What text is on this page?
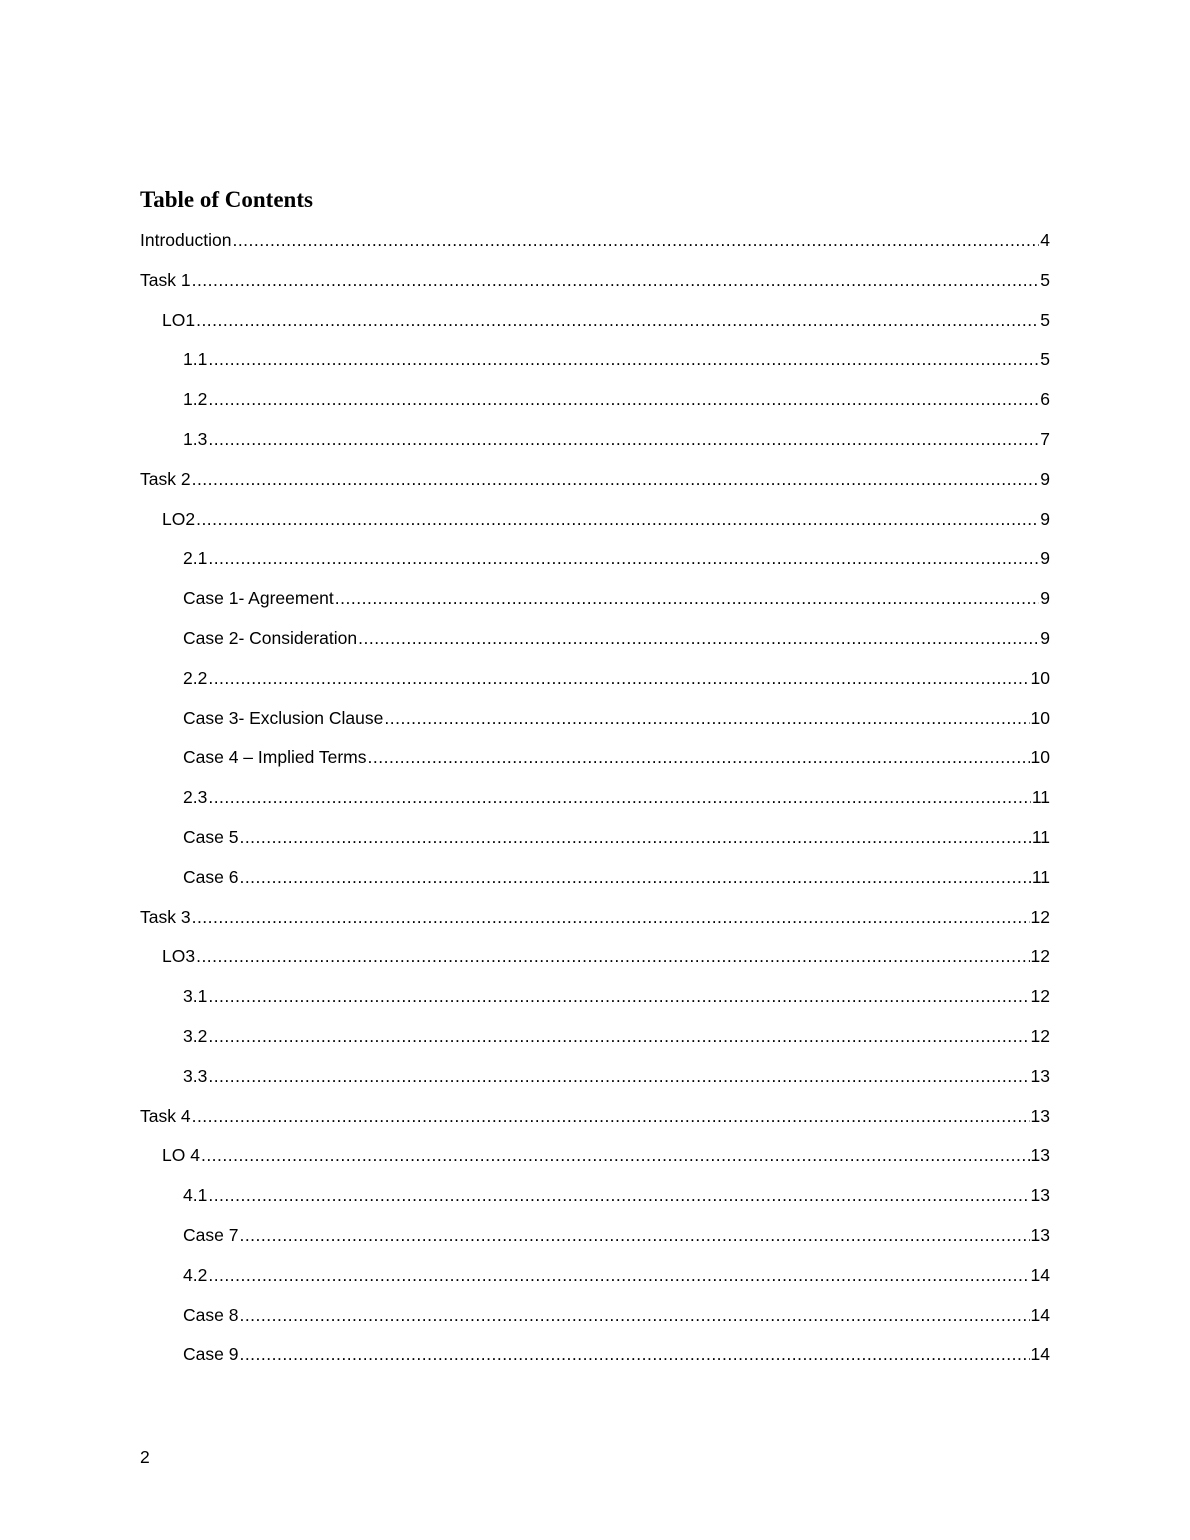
Table of Contents
Introduction .....	4
Task 1 .....	5
LO1 .....	5
1.1 .....	5
1.2 .....	6
1.3 .....	7
Task 2 .....	9
LO2 .....	9
2.1 .....	9
Case 1- Agreement .....	9
Case 2- Consideration .....	9
2.2 .....	10
Case 3- Exclusion Clause .....	10
Case 4 – Implied Terms .....	10
2.3 .....	11
Case 5 .....	11
Case 6 .....	11
Task 3 .....	12
LO3 .....	12
3.1 .....	12
3.2 .....	12
3.3 .....	13
Task 4 .....	13
LO 4 .....	13
4.1 .....	13
Case 7 .....	13
4.2 .....	14
Case 8 .....	14
Case 9 .....	14
2
